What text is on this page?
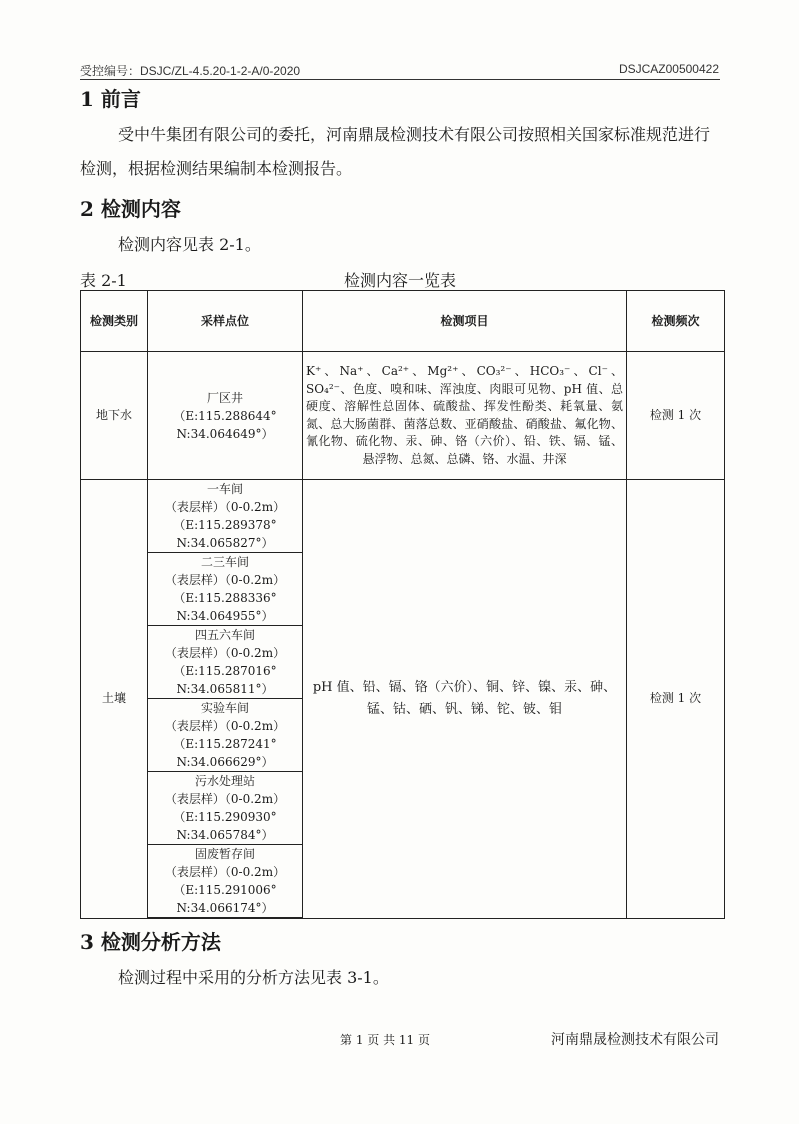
受控编号：DSJC/ZL-4.5.20-1-2-A/0-2020	DSJCAZ00500422
1 前言
受中牛集团有限公司的委托，河南鼎晟检测技术有限公司按照相关国家标准规范进行检测，根据检测结果编制本检测报告。
2 检测内容
检测内容见表 2-1。
表 2-1	检测内容一览表
检测类别	采样点位	检测项目	检测频次
地下水	厂区井
（E:115.288644°
N:34.064649°）	K⁺、Na⁺、Ca²⁺、Mg²⁺、CO₃²⁻、HCO₃⁻、Cl⁻、SO₄²⁻、色度、嗅和味、浑浊度、肉眼可见物、pH 值、总硬度、溶解性总固体、硫酸盐、挥发性酚类、耗氧量、氨氮、总大肠菌群、菌落总数、亚硝酸盐、硝酸盐、氟化物、氰化物、硫化物、汞、砷、铬（六价）、铅、铁、镉、锰、悬浮物、总氮、总磷、铬、水温、井深	检测 1 次
土壤	一车间
（表层样）（0-0.2m）
（E:115.289378°
N:34.065827°）	pH 值、铅、镉、铬（六价）、铜、锌、镍、汞、砷、锰、钴、硒、钒、锑、铊、铍、钼	检测 1 次

	二三车间
（表层样）（0-0.2m）
（E:115.288336°
N:34.064955°）		

	四五六车间
（表层样）（0-0.2m）
（E:115.287016°
N:34.065811°）		

	实验车间
（表层样）（0-0.2m）
（E:115.287241°
N:34.066629°）		

	污水处理站
（表层样）（0-0.2m）
（E:115.290930°
N:34.065784°）		

	固废暂存间
（表层样）（0-0.2m）
（E:115.291006°
N:34.066174°）		
3 检测分析方法
检测过程中采用的分析方法见表 3-1。
第 1 页 共 11 页	河南鼎晟检测技术有限公司
